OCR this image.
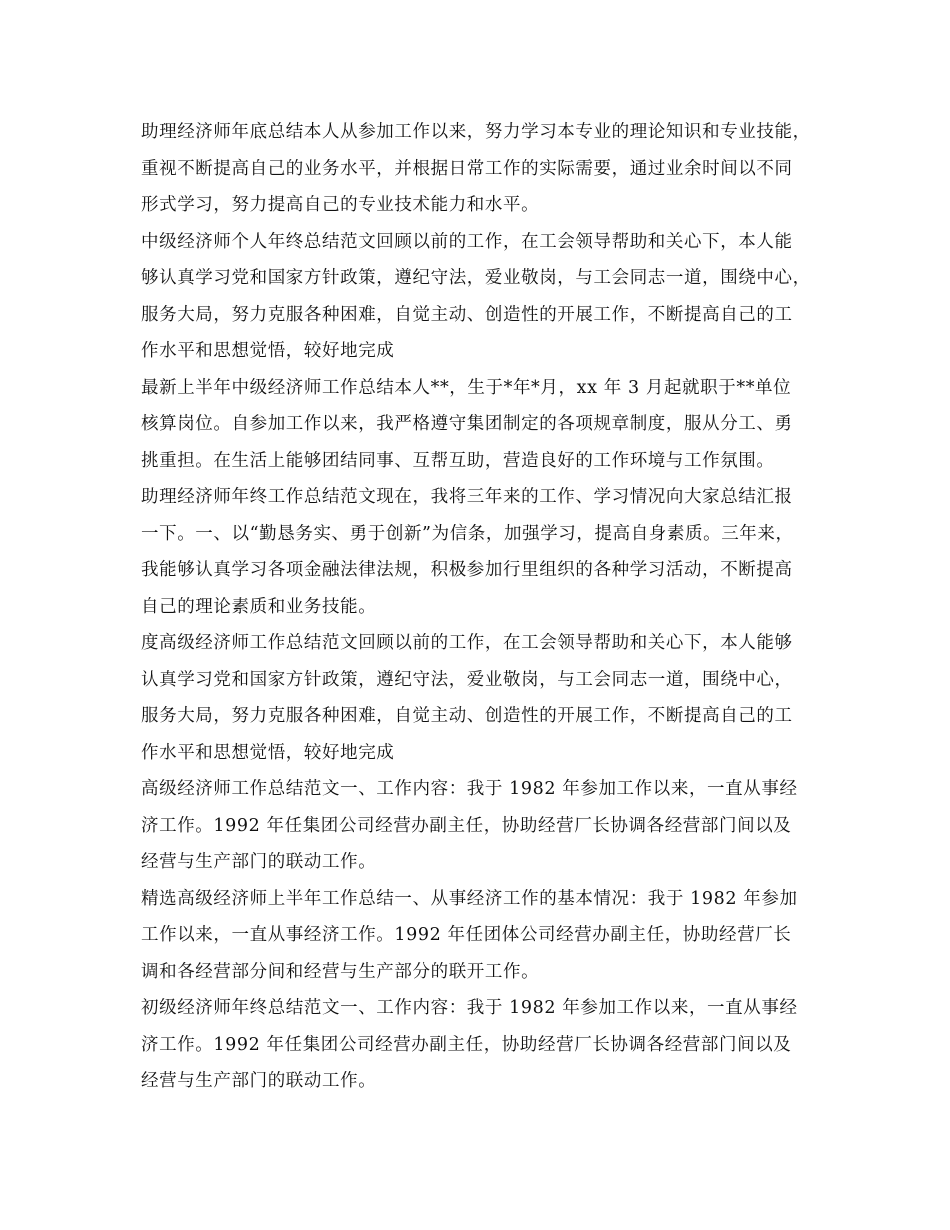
助理经济师年底总结本人从参加工作以来，努力学习本专业的理论知识和专业技能，
重视不断提高自己的业务水平，并根据日常工作的实际需要，通过业余时间以不同
形式学习，努力提高自己的专业技术能力和水平。
中级经济师个人年终总结范文回顾以前的工作，在工会领导帮助和关心下，本人能
够认真学习党和国家方针政策，遵纪守法，爱业敬岗，与工会同志一道，围绕中心，
服务大局，努力克服各种困难，自觉主动、创造性的开展工作，不断提高自己的工
作水平和思想觉悟，较好地完成
最新上半年中级经济师工作总结本人**，生于*年*月，xx 年 3 月起就职于**单位
核算岗位。自参加工作以来，我严格遵守集团制定的各项规章制度，服从分工、勇
挑重担。在生活上能够团结同事、互帮互助，营造良好的工作环境与工作氛围。
助理经济师年终工作总结范文现在，我将三年来的工作、学习情况向大家总结汇报
一下。一、以“勤恳务实、勇于创新”为信条，加强学习，提高自身素质。三年来，
我能够认真学习各项金融法律法规，积极参加行里组织的各种学习活动，不断提高
自己的理论素质和业务技能。
度高级经济师工作总结范文回顾以前的工作，在工会领导帮助和关心下，本人能够
认真学习党和国家方针政策，遵纪守法，爱业敬岗，与工会同志一道，围绕中心，
服务大局，努力克服各种困难，自觉主动、创造性的开展工作，不断提高自己的工
作水平和思想觉悟，较好地完成
高级经济师工作总结范文一、工作内容：我于 1982 年参加工作以来，一直从事经
济工作。1992 年任集团公司经营办副主任，协助经营厂长协调各经营部门间以及
经营与生产部门的联动工作。
精选高级经济师上半年工作总结一、从事经济工作的基本情况：我于 1982 年参加
工作以来，一直从事经济工作。1992 年任团体公司经营办副主任，协助经营厂长
调和各经营部分间和经营与生产部分的联开工作。
初级经济师年终总结范文一、工作内容：我于 1982 年参加工作以来，一直从事经
济工作。1992 年任集团公司经营办副主任，协助经营厂长协调各经营部门间以及
经营与生产部门的联动工作。
